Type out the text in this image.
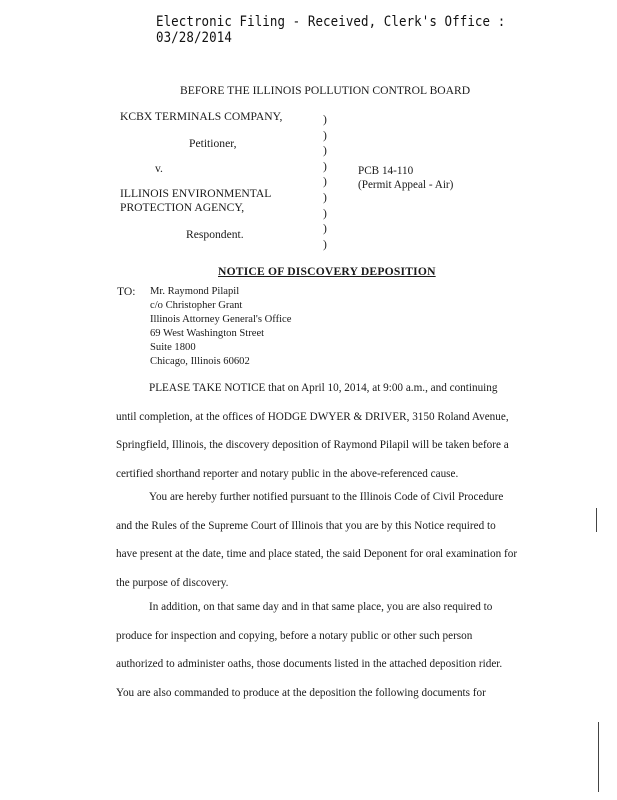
Electronic Filing - Received, Clerk's Office : 03/28/2014
BEFORE THE ILLINOIS POLLUTION CONTROL BOARD
KCBX TERMINALS COMPANY,
Petitioner,
v.
ILLINOIS ENVIRONMENTAL
PROTECTION AGENCY,
Respondent.
)
)
)
)
)
)
)
)
)
PCB 14-110
(Permit Appeal - Air)
NOTICE OF DISCOVERY DEPOSITION
TO: Mr. Raymond Pilapil
c/o Christopher Grant
Illinois Attorney General's Office
69 West Washington Street
Suite 1800
Chicago, Illinois 60602

PLEASE TAKE NOTICE that on April 10, 2014, at 9:00 a.m., and continuing

until completion, at the offices of HODGE DWYER & DRIVER, 3150 Roland Avenue,

Springfield, Illinois, the discovery deposition of Raymond Pilapil will be taken before a

certified shorthand reporter and notary public in the above-referenced cause.

You are hereby further notified pursuant to the Illinois Code of Civil Procedure

and the Rules of the Supreme Court of Illinois that you are by this Notice required to

have present at the date, time and place stated, the said Deponent for oral examination for

the purpose of discovery.

In addition, on that same day and in that same place, you are also required to

produce for inspection and copying, before a notary public or other such person

authorized to administer oaths, those documents listed in the attached deposition rider.

You are also commanded to produce at the deposition the following documents for
